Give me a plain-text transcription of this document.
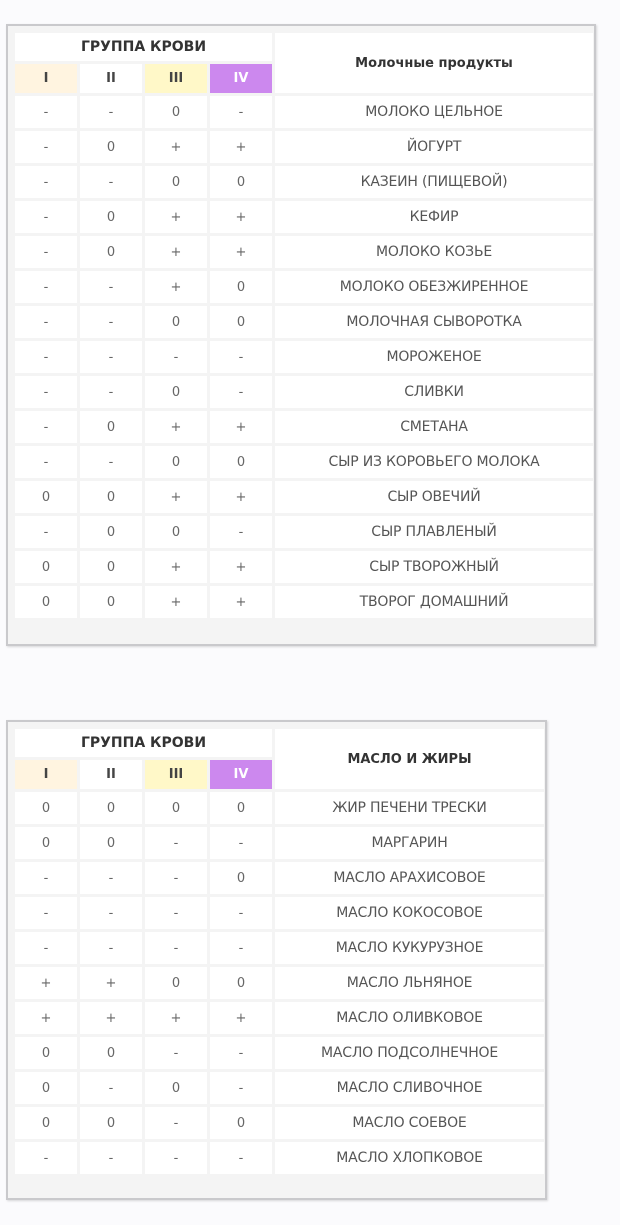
ГРУППА КРОВИ				Молочные продукты
I	II	III	IV	
-	-	0	-	МОЛОКО ЦЕЛЬНОЕ
-	0	+	+	ЙОГУРТ
-	-	0	0	КАЗЕИН (ПИЩЕВОЙ)
-	0	+	+	КЕФИР
-	0	+	+	МОЛОКО КОЗЬЕ
-	-	+	0	МОЛОКО ОБЕЗЖИРЕННОЕ
-	-	0	0	МОЛОЧНАЯ СЫВОРОТКА
-	-	-	-	МОРОЖЕНОЕ
-	-	0	-	СЛИВКИ
-	0	+	+	СМЕТАНА
-	-	0	0	СЫР ИЗ КОРОВЬЕГО МОЛОКА
0	0	+	+	СЫР ОВЕЧИЙ
-	0	0	-	СЫР ПЛАВЛЕНЫЙ
0	0	+	+	СЫР ТВОРОЖНЫЙ
0	0	+	+	ТВОРОГ ДОМАШНИЙ
ГРУППА КРОВИ				МАСЛО И ЖИРЫ
I	II	III	IV	
0	0	0	0	ЖИР ПЕЧЕНИ ТРЕСКИ
0	0	-	-	МАРГАРИН
-	-	-	0	МАСЛО АРАХИСОВОЕ
-	-	-	-	МАСЛО КОКОСОВОЕ
-	-	-	-	МАСЛО КУКУРУЗНОЕ
+	+	0	0	МАСЛО ЛЬНЯНОЕ
+	+	+	+	МАСЛО ОЛИВКОВОЕ
0	0	-	-	МАСЛО ПОДСОЛНЕЧНОЕ
0	-	0	-	МАСЛО СЛИВОЧНОЕ
0	0	-	0	МАСЛО СОЕВОЕ
-	-	-	-	МАСЛО ХЛОПКОВОЕ
